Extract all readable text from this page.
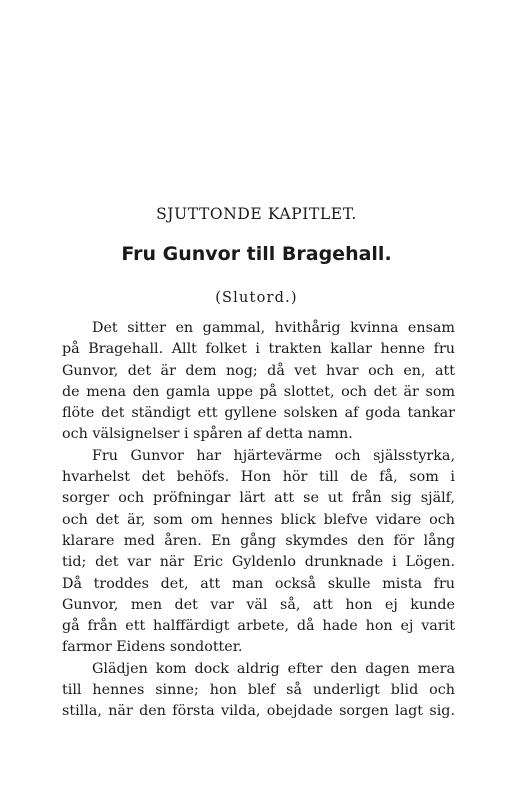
SJUTTONDE KAPITLET.
Fru Gunvor till Bragehall.
(Slutord.)
Det sitter en gammal, hvithårig kvinna ensam
på Bragehall. Allt folket i trakten kallar henne fru
Gunvor, det är dem nog; då vet hvar och en, att
de mena den gamla uppe på slottet, och det är som
flöte det ständigt ett gyllene solsken af goda tankar
och välsignelser i spåren af detta namn.
Fru Gunvor har hjärtevärme och själsstyrka,
hvarhelst det behöfs. Hon hör till de få, som i
sorger och pröfningar lärt att se ut från sig själf,
och det är, som om hennes blick blefve vidare och
klarare med åren. En gång skymdes den för lång
tid; det var när Eric Gyldenlo drunknade i Lögen.
Då troddes det, att man också skulle mista fru
Gunvor, men det var väl så, att hon ej kunde
gå från ett halffärdigt arbete, då hade hon ej varit
farmor Eidens sondotter.
Glädjen kom dock aldrig efter den dagen mera
till hennes sinne; hon blef så underligt blid och
stilla, när den första vilda, obejdade sorgen lagt sig.
